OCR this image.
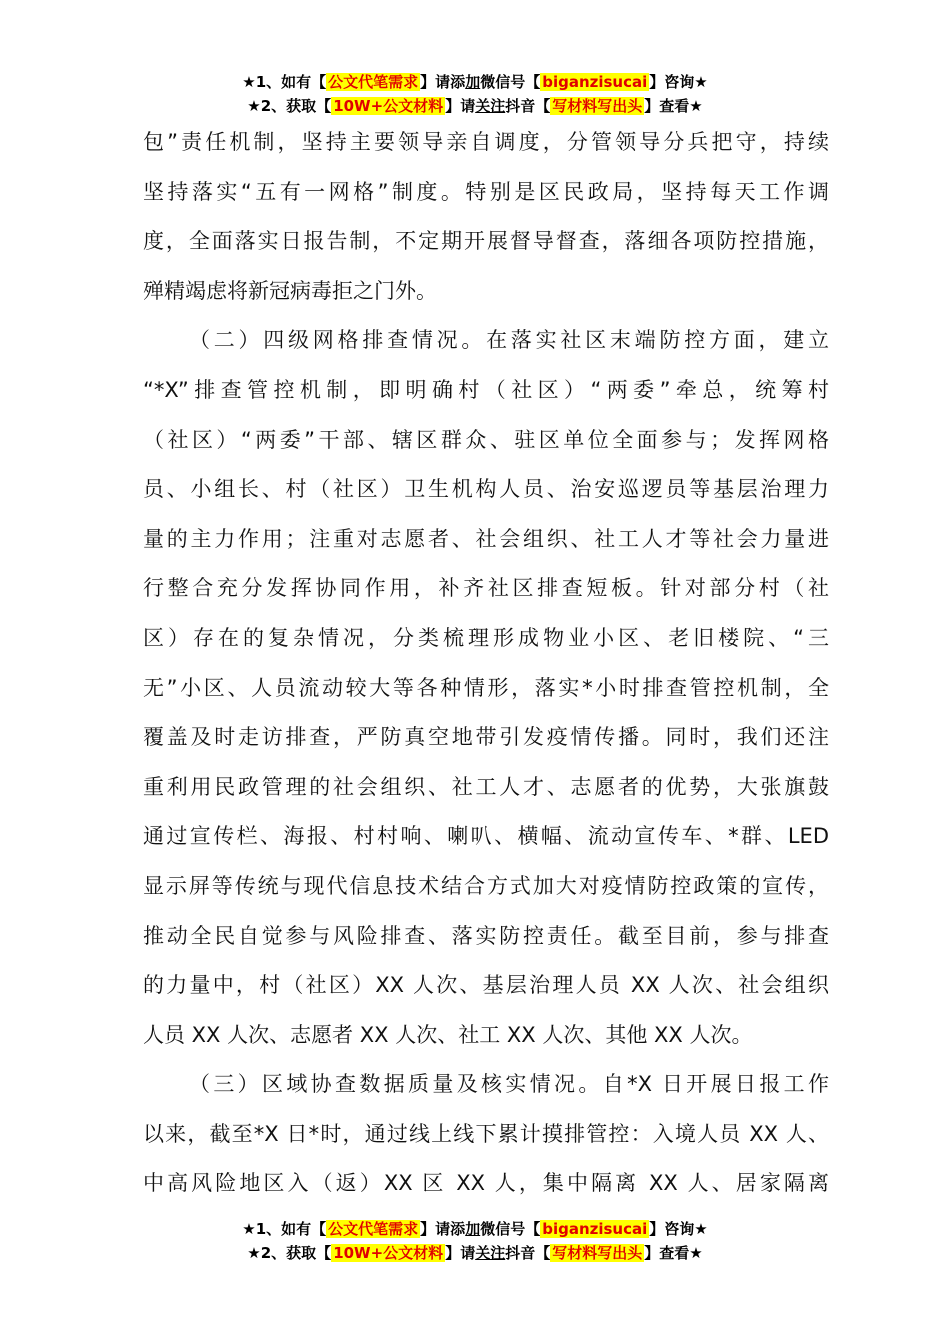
★1、如有【 公文代笔需求 】请添加微信号【 biganzisucai 】咨询★
★2、获取【 10W+公文材料 】请关注抖音【 写材料写出头 】查看★
包”责任机制，坚持主要领导亲自调度，分管领导分兵把守，持续
坚持落实“五有一网格”制度。特别是区民政局，坚持每天工作调
度，全面落实日报告制，不定期开展督导督查，落细各项防控措施，
殚精竭虑将新冠病毒拒之门外。
（二）四级网格排查情况。在落实社区末端防控方面，建立
“*X”排查管控机制，即明确村（社区）“两委”牵总，统筹村
（社区）“两委”干部、辖区群众、驻区单位全面参与；发挥网格
员、小组长、村（社区）卫生机构人员、治安巡逻员等基层治理力
量的主力作用；注重对志愿者、社会组织、社工人才等社会力量进
行整合充分发挥协同作用，补齐社区排查短板。针对部分村（社
区）存在的复杂情况，分类梳理形成物业小区、老旧楼院、“三
无”小区、人员流动较大等各种情形，落实*小时排查管控机制，全
覆盖及时走访排查，严防真空地带引发疫情传播。同时，我们还注
重利用民政管理的社会组织、社工人才、志愿者的优势，大张旗鼓
通过宣传栏、海报、村村响、喇叭、横幅、流动宣传车、*群、LED
显示屏等传统与现代信息技术结合方式加大对疫情防控政策的宣传，
推动全民自觉参与风险排查、落实防控责任。截至目前，参与排查
的力量中，村（社区）XX 人次、基层治理人员 XX 人次、社会组织
人员 XX 人次、志愿者 XX 人次、社工 XX 人次、其他 XX 人次。
（三）区域协查数据质量及核实情况。自*X 日开展日报工作
以来，截至*X 日*时，通过线上线下累计摸排管控：入境人员 XX 人、
中高风险地区入（返）XX 区 XX 人，集中隔离 XX 人、居家隔离
★1、如有【 公文代笔需求 】请添加微信号【 biganzisucai 】咨询★
★2、获取【 10W+公文材料 】请关注抖音【 写材料写出头 】查看★
